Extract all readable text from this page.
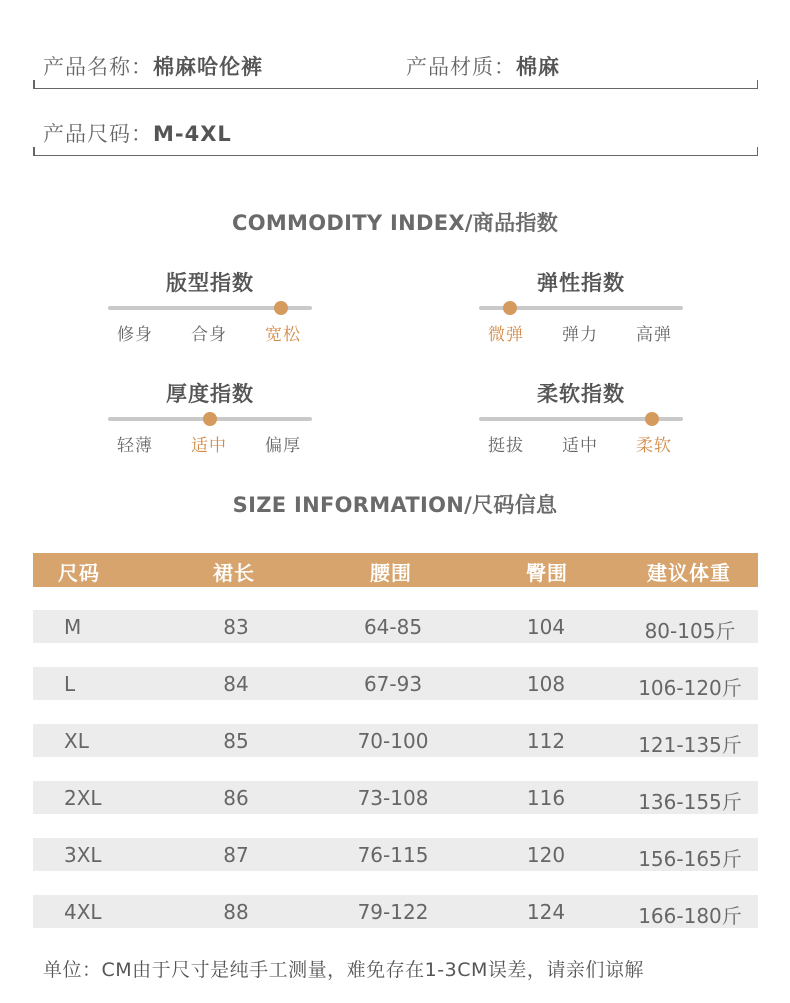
产品名称：棉麻哈伦裤	产品材质：棉麻
产品尺码：M-4XL
COMMODITY INDEX/商品指数
版型指数
修身	合身	宽松
弹性指数
微弹	弹力	高弹
厚度指数
轻薄	适中	偏厚
柔软指数
挺拔	适中	柔软
SIZE INFORMATION/尺码信息
尺码	裙长	腰围	臀围	建议体重
M	83	64-85	104	80-105斤
L	84	67-93	108	106-120斤
XL	85	70-100	112	121-135斤
2XL	86	73-108	116	136-155斤
3XL	87	76-115	120	156-165斤
4XL	88	79-122	124	166-180斤
单位：CM由于尺寸是纯手工测量，难免存在1-3CM误差，请亲们谅解
